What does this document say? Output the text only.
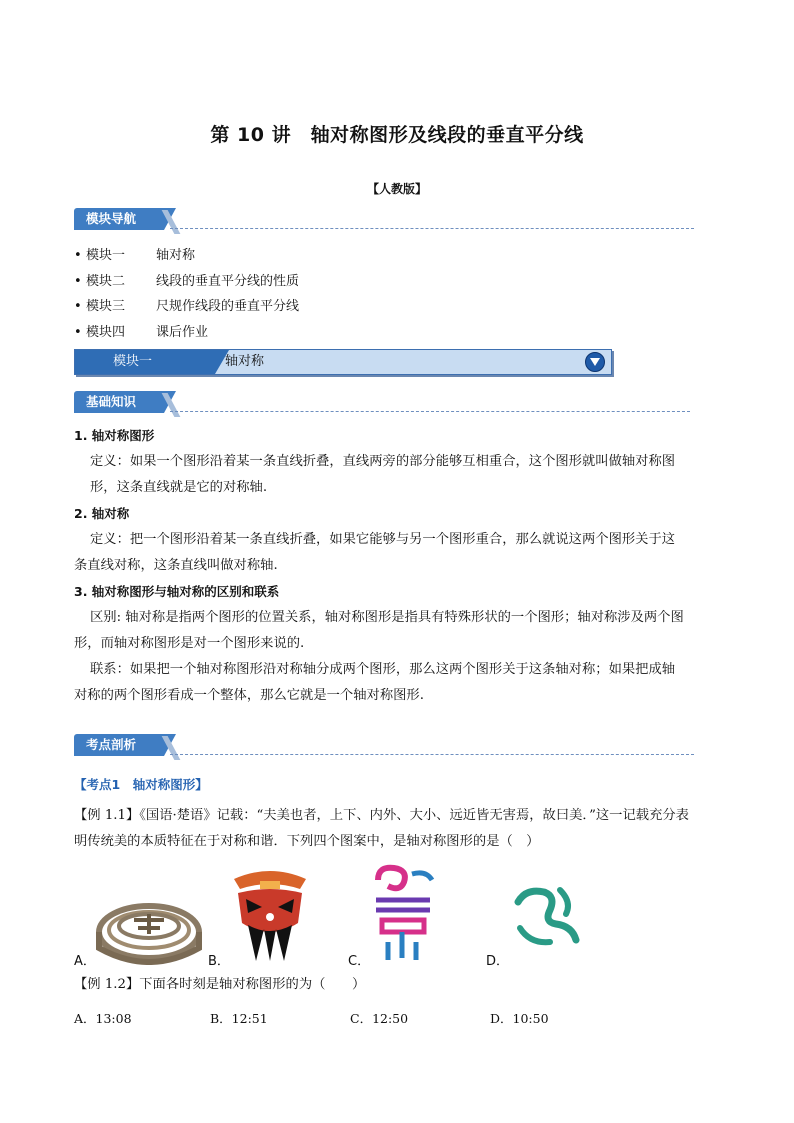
第 10 讲　轴对称图形及线段的垂直平分线
【人教版】
模块导航
• 模块一 轴对称
• 模块二 线段的垂直平分线的性质
• 模块三 尺规作线段的垂直平分线
• 模块四 课后作业
模块一	轴对称
基础知识
1. 轴对称图形
定义：如果一个图形沿着某一条直线折叠，直线两旁的部分能够互相重合，这个图形就叫做轴对称图
形，这条直线就是它的对称轴.
2. 轴对称
定义：把一个图形沿着某一条直线折叠，如果它能够与另一个图形重合，那么就说这两个图形关于这
条直线对称，这条直线叫做对称轴.
3. 轴对称图形与轴对称的区别和联系
区别: 轴对称是指两个图形的位置关系，轴对称图形是指具有特殊形状的一个图形；轴对称涉及两个图
形，而轴对称图形是对一个图形来说的.
联系：如果把一个轴对称图形沿对称轴分成两个图形，那么这两个图形关于这条轴对称；如果把成轴
对称的两个图形看成一个整体，那么它就是一个轴对称图形.
考点剖析
【考点1　轴对称图形】
【例 1.1】《国语·楚语》记载：“夫美也者，上下、内外、大小、远近皆无害焉，故曰美．”这一记载充分表
明传统美的本质特征在于对称和谐．下列四个图案中，是轴对称图形的是（　）
A．	B．	C．	D．
【例 1.2】下面各时刻是轴对称图形的为（　　）
A．13:08	B．12:51	C．12:50	D．10:50
